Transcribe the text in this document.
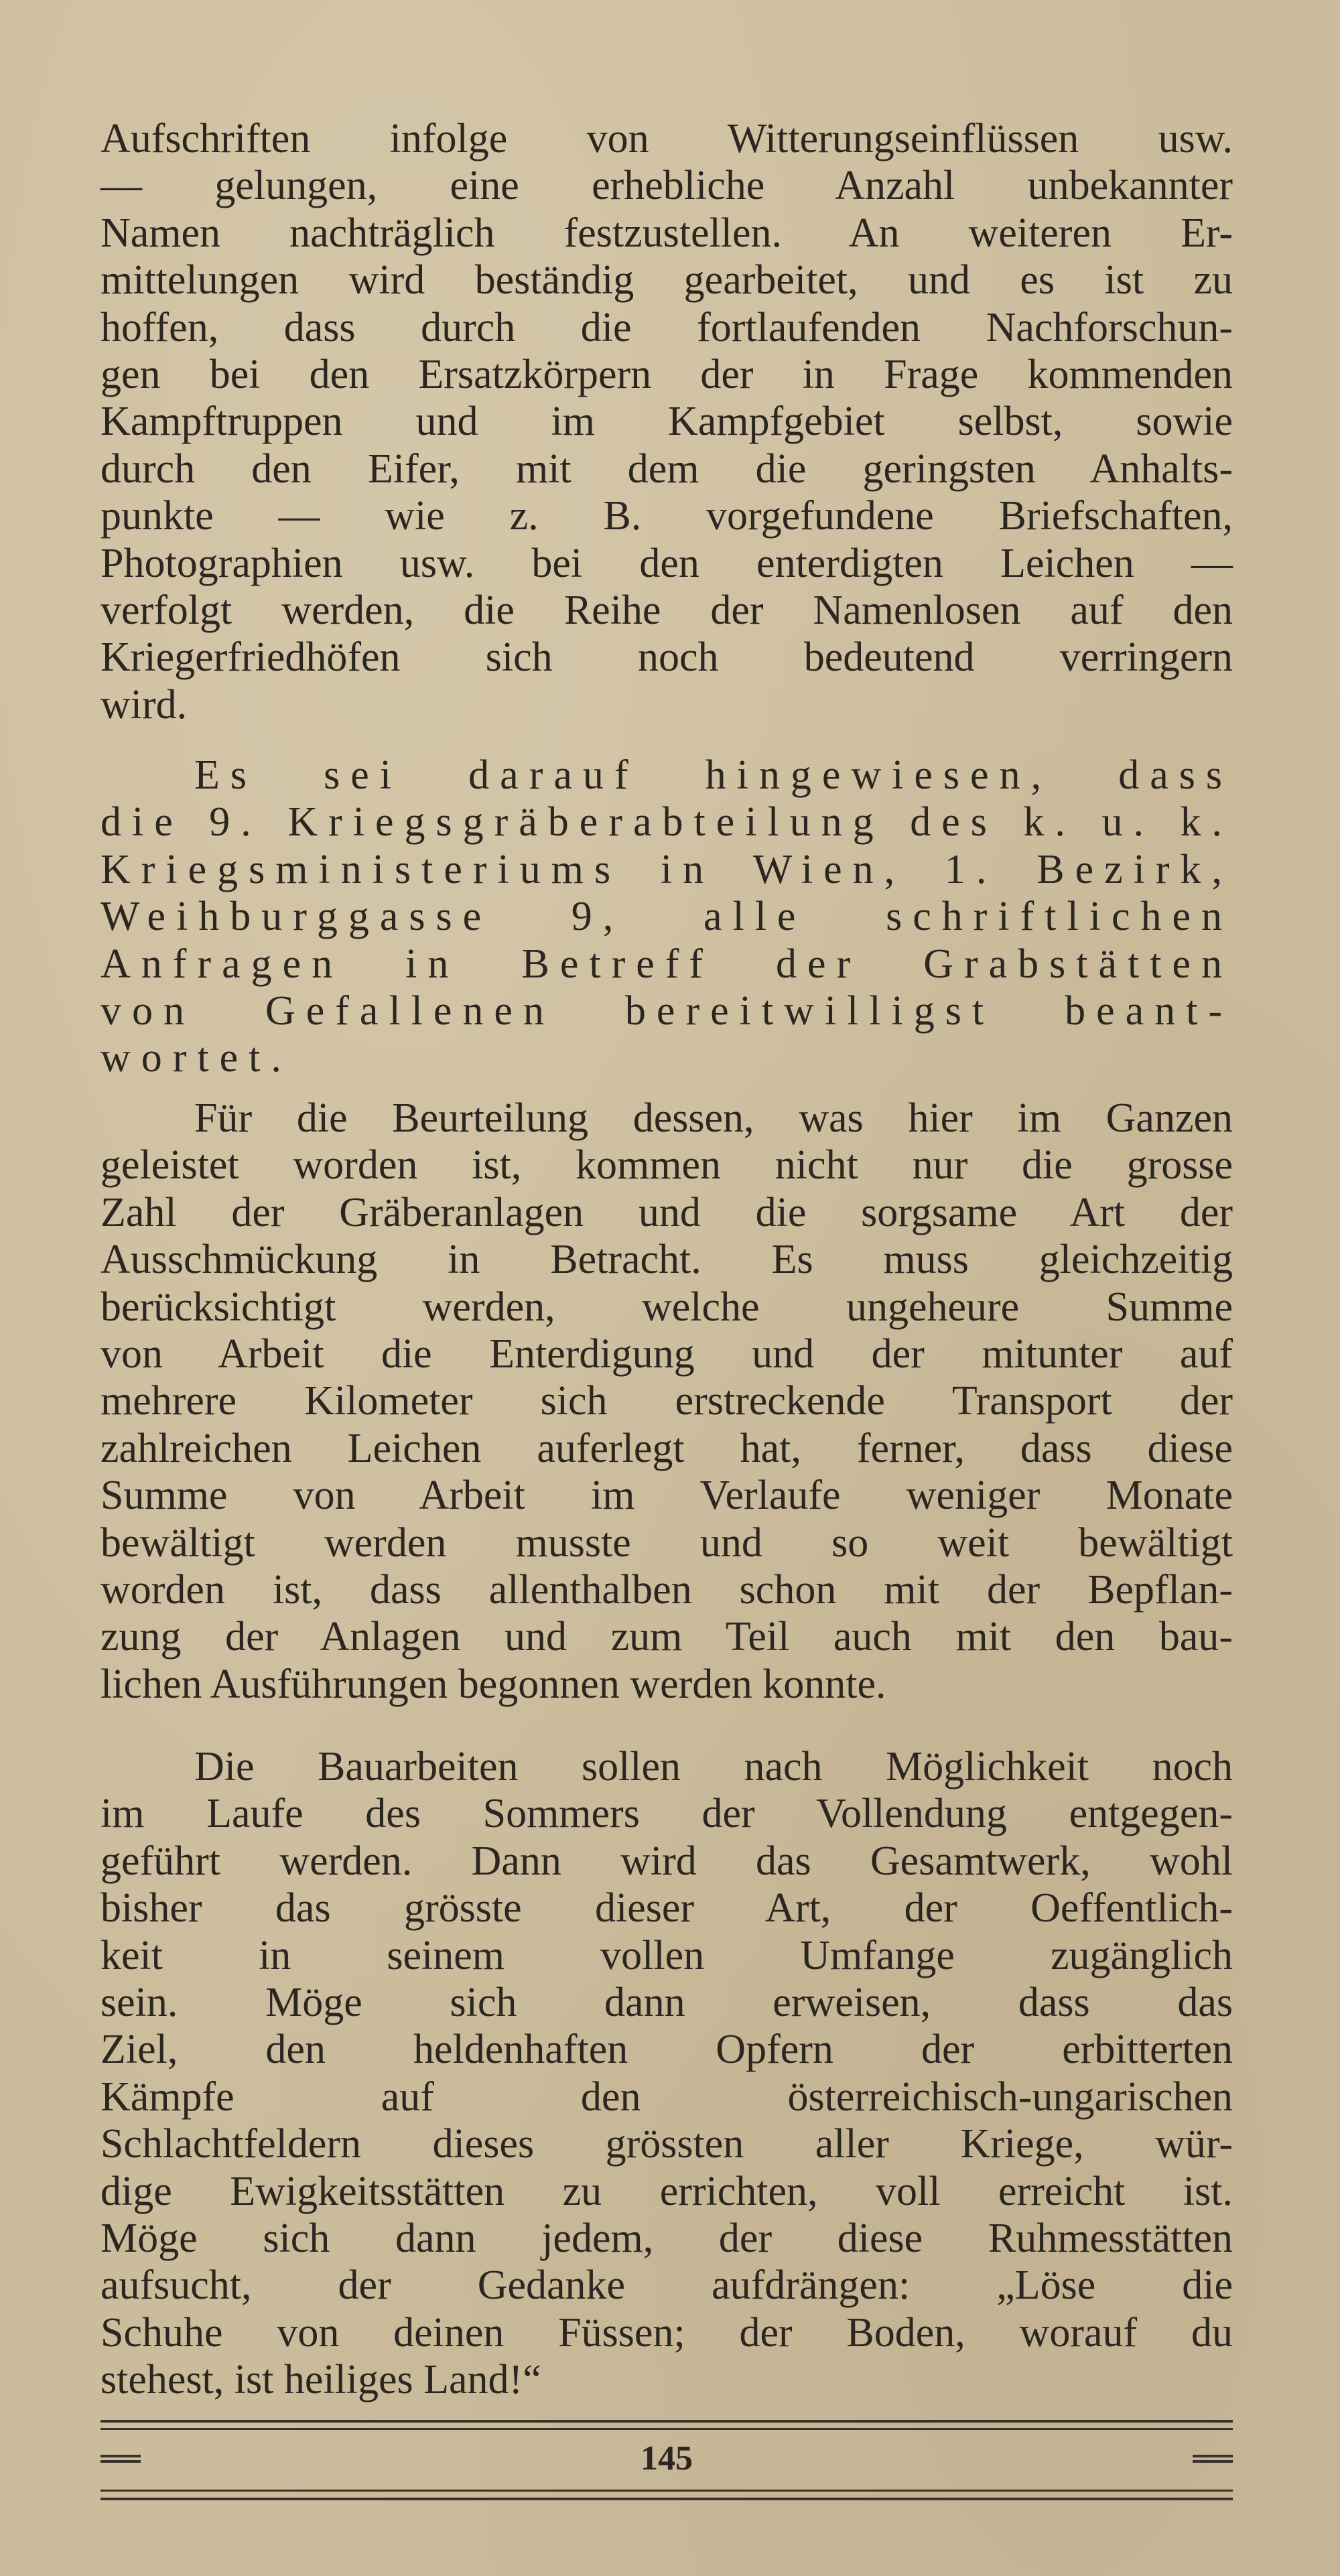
Aufschriften infolge von Witterungseinflüssen usw.
— gelungen, eine erhebliche Anzahl unbekannter
Namen nachträglich festzustellen. An weiteren Er-
mittelungen wird beständig gearbeitet, und es ist zu
hoffen, dass durch die fortlaufenden Nachforschun-
gen bei den Ersatzkörpern der in Frage kommenden
Kampftruppen und im Kampfgebiet selbst, sowie
durch den Eifer, mit dem die geringsten Anhalts-
punkte — wie z. B. vorgefundene Briefschaften,
Photographien usw. bei den enterdigten Leichen —
verfolgt werden, die Reihe der Namenlosen auf den
Kriegerfriedhöfen sich noch bedeutend verringern
wird.
Es sei darauf hingewiesen, dass
die 9. Kriegsgräberabteilung des k. u. k.
Kriegsministeriums in Wien, 1. Bezirk,
Weihburggasse 9, alle schriftlichen
Anfragen in Betreff der Grabstätten
von Gefallenen bereitwilligst beant-
wortet.
Für die Beurteilung dessen, was hier im Ganzen
geleistet worden ist, kommen nicht nur die grosse
Zahl der Gräberanlagen und die sorgsame Art der
Ausschmückung in Betracht. Es muss gleichzeitig
berücksichtigt werden, welche ungeheure Summe
von Arbeit die Enterdigung und der mitunter auf
mehrere Kilometer sich erstreckende Transport der
zahlreichen Leichen auferlegt hat, ferner, dass diese
Summe von Arbeit im Verlaufe weniger Monate
bewältigt werden musste und so weit bewältigt
worden ist, dass allenthalben schon mit der Bepflan-
zung der Anlagen und zum Teil auch mit den bau-
lichen Ausführungen begonnen werden konnte.
Die Bauarbeiten sollen nach Möglichkeit noch
im Laufe des Sommers der Vollendung entgegen-
geführt werden. Dann wird das Gesamtwerk, wohl
bisher das grösste dieser Art, der Oeffentlich-
keit in seinem vollen Umfange zugänglich
sein. Möge sich dann erweisen, dass das
Ziel, den heldenhaften Opfern der erbitterten
Kämpfe auf den österreichisch-ungarischen
Schlachtfeldern dieses grössten aller Kriege, wür-
dige Ewigkeitsstätten zu errichten, voll erreicht ist.
Möge sich dann jedem, der diese Ruhmesstätten
aufsucht, der Gedanke aufdrängen: „Löse die
Schuhe von deinen Füssen; der Boden, worauf du
stehest, ist heiliges Land!“
145
